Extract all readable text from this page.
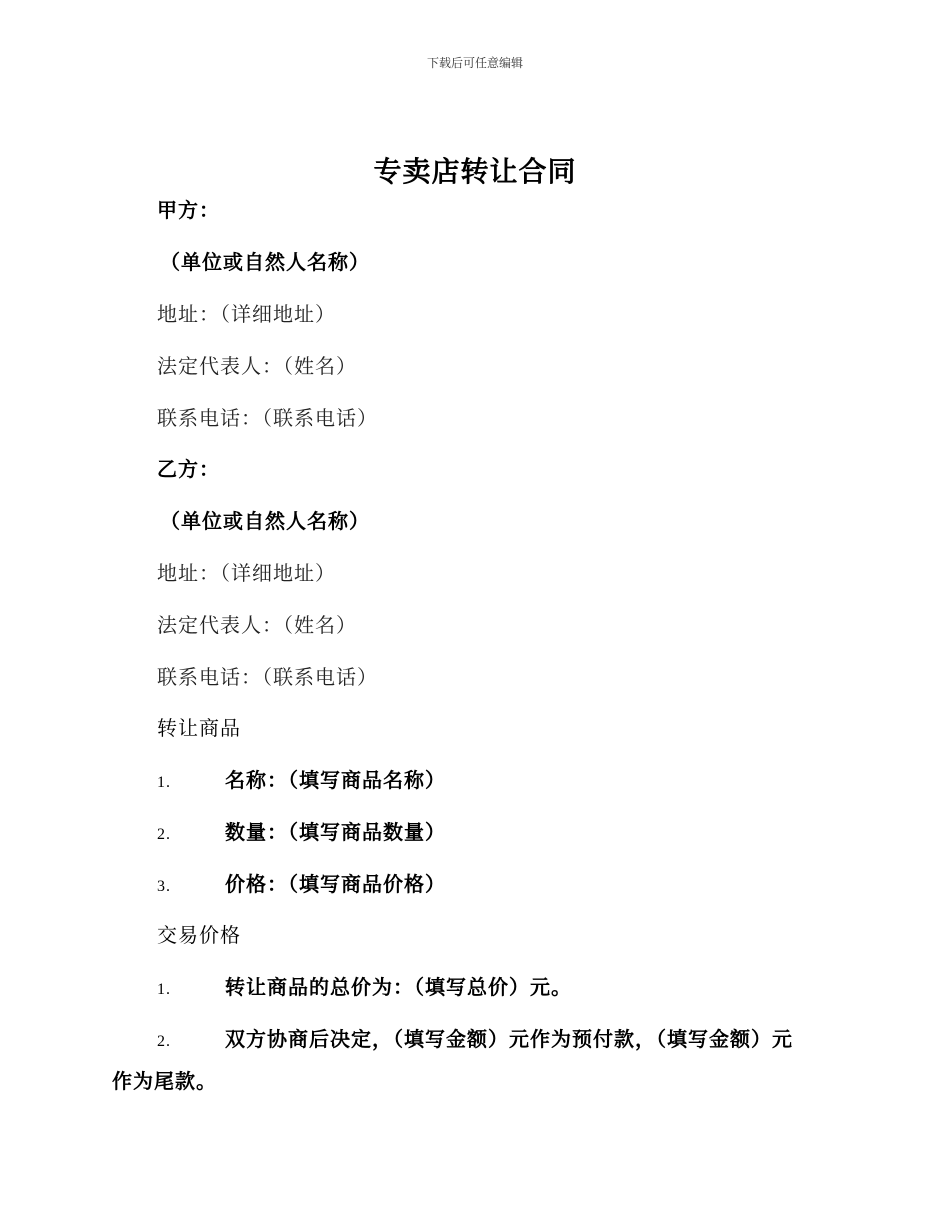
下载后可任意编辑
专卖店转让合同
甲方：
（单位或自然人名称）
地址：（详细地址）
法定代表人：（姓名）
联系电话：（联系电话）
乙方：
（单位或自然人名称）
地址：（详细地址）
法定代表人：（姓名）
联系电话：（联系电话）
转让商品
1.	名称：（填写商品名称）
2.	数量：（填写商品数量）
3.	价格：（填写商品价格）
交易价格
1.	转让商品的总价为：（填写总价）元。
2.	双方协商后决定，（填写金额）元作为预付款，（填写金额）元
作为尾款。
